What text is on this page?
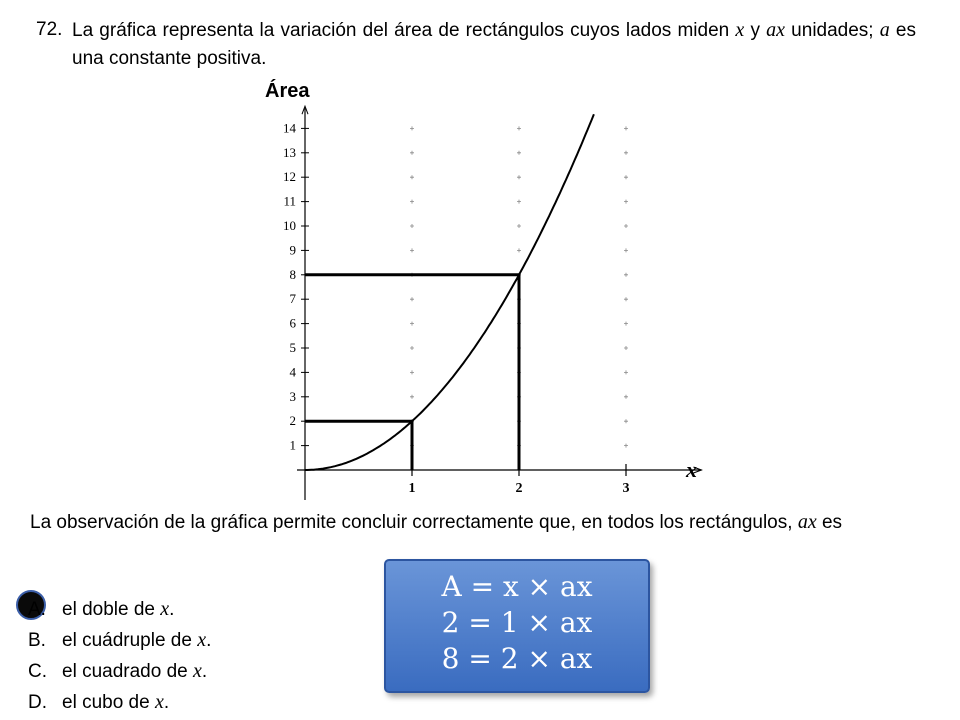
72. La gráfica representa la variación del área de rectángulos cuyos lados miden x y ax unidades; a es una constante positiva.
1
2
3
4
5
6
7
8
9
10
11
12
13
14
1	2	3
Área
x
La observación de la gráfica permite concluir correctamente que, en todos los rectángulos, ax es
A. el doble de x.
B. el cuádruple de x.
C. el cuadrado de x.
D. el cubo de x.
A = x × ax
2 = 1 × ax
8 = 2 × ax
